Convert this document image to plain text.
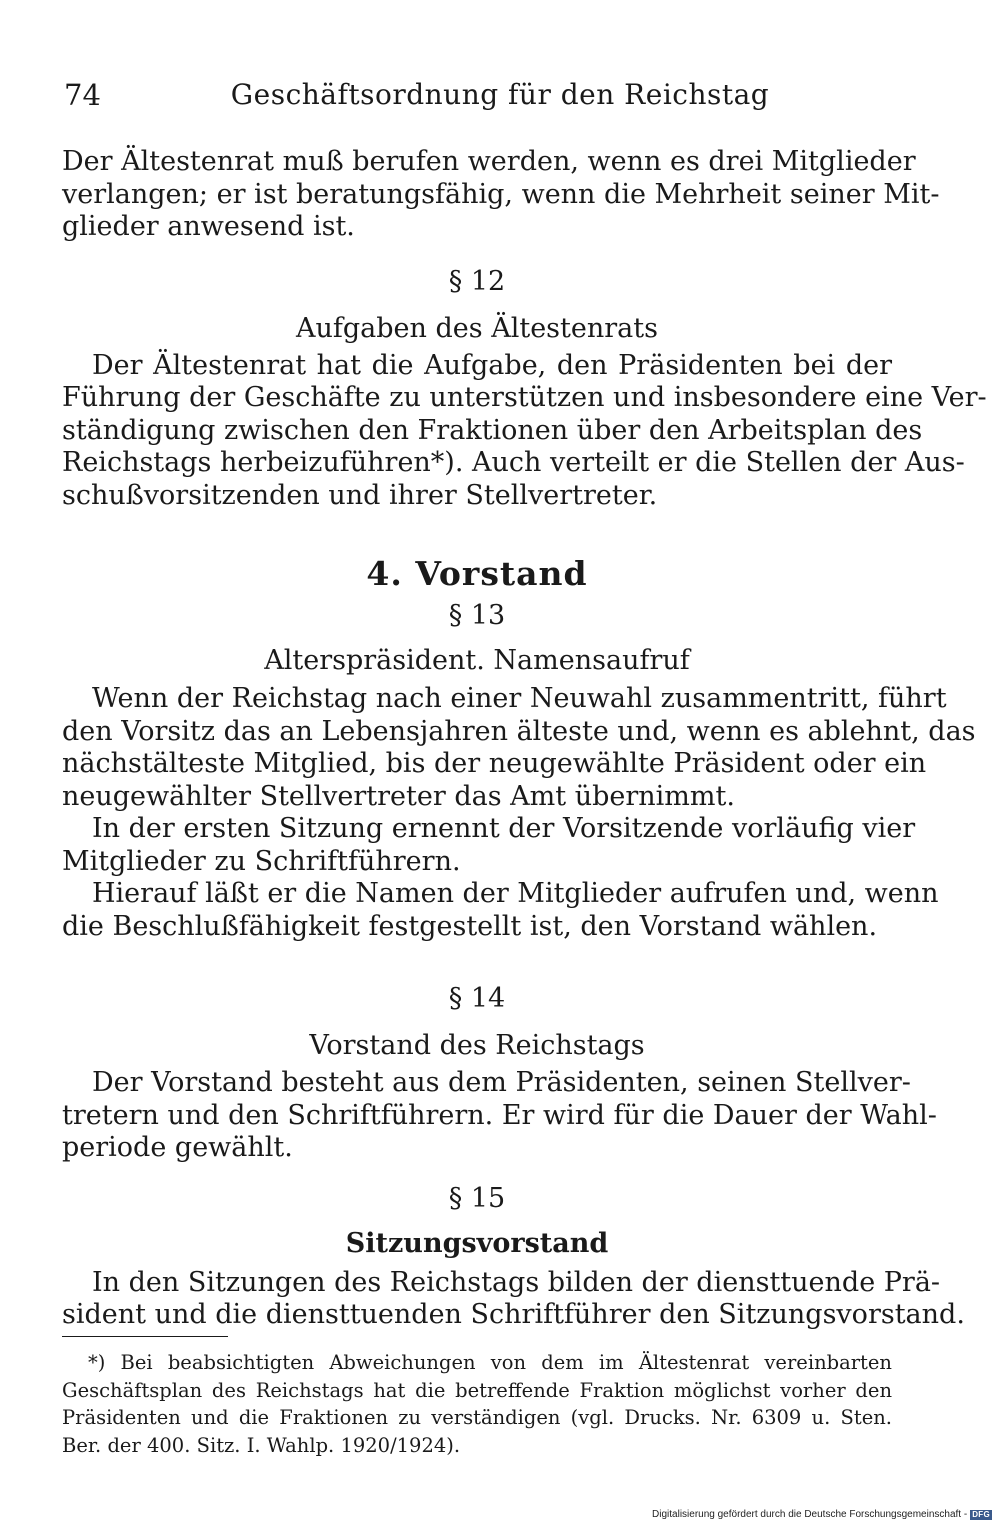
74	Geschäftsordnung für den Reichstag

Der Ältestenrat muß berufen werden, wenn es drei Mitglieder

verlangen; er ist beratungsfähig, wenn die Mehrheit seiner Mit-

glieder anwesend ist.

§ 12

Aufgaben des Ältestenrats

Der Ältestenrat hat die Aufgabe, den Präsidenten bei der

Führung der Geschäfte zu unterstützen und insbesondere eine Ver-

ständigung zwischen den Fraktionen über den Arbeitsplan des

Reichstags herbeizuführen*). Auch verteilt er die Stellen der Aus-

schußvorsitzenden und ihrer Stellvertreter.

4. Vorstand

§ 13

Alterspräsident. Namensaufruf

Wenn der Reichstag nach einer Neuwahl zusammentritt, führt

den Vorsitz das an Lebensjahren älteste und, wenn es ablehnt, das

nächstälteste Mitglied, bis der neugewählte Präsident oder ein

neugewählter Stellvertreter das Amt übernimmt.

In der ersten Sitzung ernennt der Vorsitzende vorläufig vier

Mitglieder zu Schriftführern.

Hierauf läßt er die Namen der Mitglieder aufrufen und, wenn

die Beschlußfähigkeit festgestellt ist, den Vorstand wählen.

§ 14

Vorstand des Reichstags

Der Vorstand besteht aus dem Präsidenten, seinen Stellver-

tretern und den Schriftführern. Er wird für die Dauer der Wahl-

periode gewählt.

§ 15

Sitzungsvorstand

In den Sitzungen des Reichstags bilden der diensttuende Prä-

sident und die diensttuenden Schriftführer den Sitzungsvorstand.

*) Bei beabsichtigten Abweichungen von dem im Ältestenrat vereinbarten

Geschäftsplan des Reichstags hat die betreffende Fraktion möglichst vorher den

Präsidenten und die Fraktionen zu verständigen (vgl. Drucks. Nr. 6309 u. Sten.

Ber. der 400. Sitz. I. Wahlp. 1920/1924).

Digitalisierung gefördert durch die Deutsche Forschungsgemeinschaft - DFG
